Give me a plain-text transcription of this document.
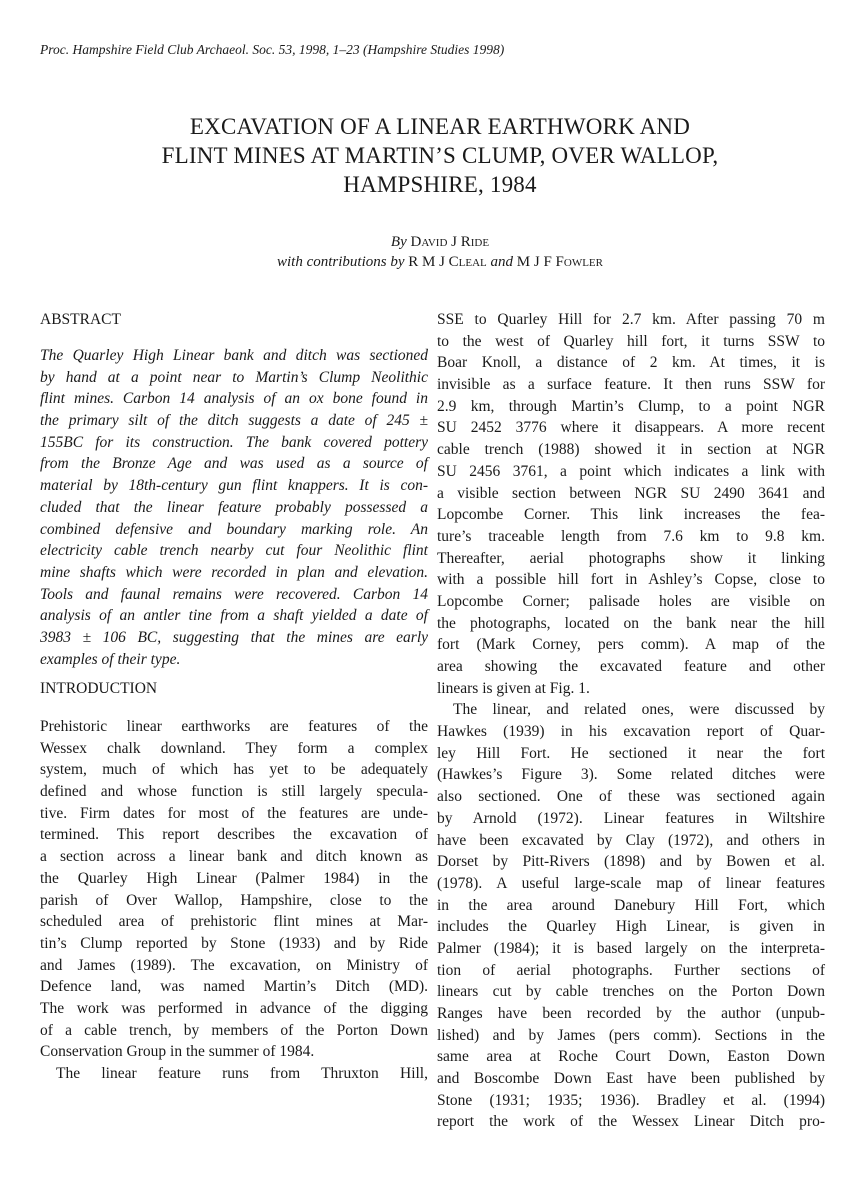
Proc. Hampshire Field Club Archaeol. Soc. 53, 1998, 1–23 (Hampshire Studies 1998)
EXCAVATION OF A LINEAR EARTHWORK AND
FLINT MINES AT MARTIN’S CLUMP, OVER WALLOP,
HAMPSHIRE, 1984
By David J Ride
with contributions by R M J Cleal and M J F Fowler
ABSTRACT
The Quarley High Linear bank and ditch was sectioned
by hand at a point near to Martin’s Clump Neolithic
flint mines. Carbon 14 analysis of an ox bone found in
the primary silt of the ditch suggests a date of 245 ±
155BC for its construction. The bank covered pottery
from the Bronze Age and was used as a source of
material by 18th-century gun flint knappers. It is con-
cluded that the linear feature probably possessed a
combined defensive and boundary marking role. An
electricity cable trench nearby cut four Neolithic flint
mine shafts which were recorded in plan and elevation.
Tools and faunal remains were recovered. Carbon 14
analysis of an antler tine from a shaft yielded a date of
3983 ± 106 BC, suggesting that the mines are early
examples of their type.
INTRODUCTION
Prehistoric linear earthworks are features of the
Wessex chalk downland. They form a complex
system, much of which has yet to be adequately
defined and whose function is still largely specula-
tive. Firm dates for most of the features are unde-
termined. This report describes the excavation of
a section across a linear bank and ditch known as
the Quarley High Linear (Palmer 1984) in the
parish of Over Wallop, Hampshire, close to the
scheduled area of prehistoric flint mines at Mar-
tin’s Clump reported by Stone (1933) and by Ride
and James (1989). The excavation, on Ministry of
Defence land, was named Martin’s Ditch (MD).
The work was performed in advance of the digging
of a cable trench, by members of the Porton Down
Conservation Group in the summer of 1984.
The linear feature runs from Thruxton Hill,
SSE to Quarley Hill for 2.7 km. After passing 70 m
to the west of Quarley hill fort, it turns SSW to
Boar Knoll, a distance of 2 km. At times, it is
invisible as a surface feature. It then runs SSW for
2.9 km, through Martin’s Clump, to a point NGR
SU 2452 3776 where it disappears. A more recent
cable trench (1988) showed it in section at NGR
SU 2456 3761, a point which indicates a link with
a visible section between NGR SU 2490 3641 and
Lopcombe Corner. This link increases the fea-
ture’s traceable length from 7.6 km to 9.8 km.
Thereafter, aerial photographs show it linking
with a possible hill fort in Ashley’s Copse, close to
Lopcombe Corner; palisade holes are visible on
the photographs, located on the bank near the hill
fort (Mark Corney, pers comm). A map of the
area showing the excavated feature and other
linears is given at Fig. 1.
The linear, and related ones, were discussed by
Hawkes (1939) in his excavation report of Quar-
ley Hill Fort. He sectioned it near the fort
(Hawkes’s Figure 3). Some related ditches were
also sectioned. One of these was sectioned again
by Arnold (1972). Linear features in Wiltshire
have been excavated by Clay (1972), and others in
Dorset by Pitt-Rivers (1898) and by Bowen et al.
(1978). A useful large-scale map of linear features
in the area around Danebury Hill Fort, which
includes the Quarley High Linear, is given in
Palmer (1984); it is based largely on the interpreta-
tion of aerial photographs. Further sections of
linears cut by cable trenches on the Porton Down
Ranges have been recorded by the author (unpub-
lished) and by James (pers comm). Sections in the
same area at Roche Court Down, Easton Down
and Boscombe Down East have been published by
Stone (1931; 1935; 1936). Bradley et al. (1994)
report the work of the Wessex Linear Ditch pro-
